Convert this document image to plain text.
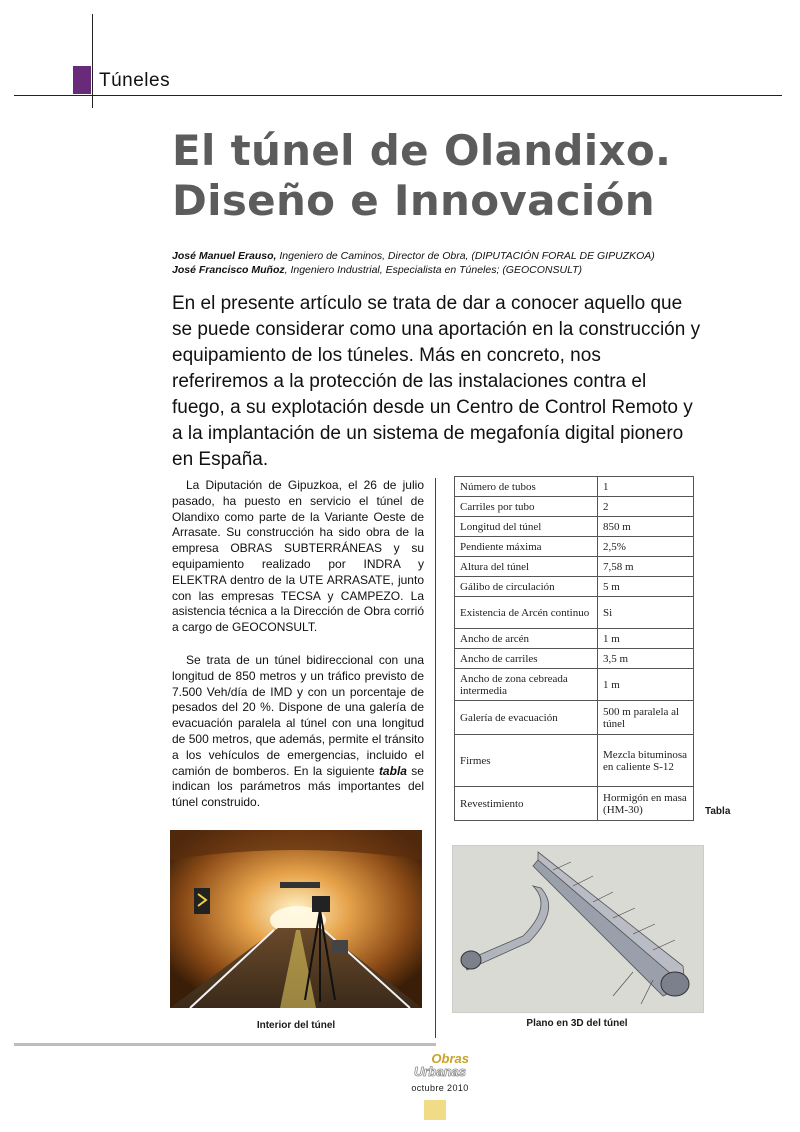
Túneles
El túnel de Olandixo.
Diseño e Innovación
José Manuel Erauso, Ingeniero de Caminos, Director de Obra, (DIPUTACIÓN FORAL DE GIPUZKOA)
José Francisco Muñoz, Ingeniero Industrial, Especialista en Túneles; (GEOCONSULT)
En el presente artículo se trata de dar a conocer aquello que se puede considerar como una aportación en la construcción y equipamiento de los túneles. Más en concreto, nos referiremos a la protección de las instalaciones contra el fuego, a su explotación desde un Centro de Control Remoto y a la implantación de un sistema de megafonía digital pionero en España.

La Diputación de Gipuzkoa, el 26 de julio pasado, ha puesto en servicio el túnel de Olandixo como parte de la Variante Oeste de Arrasate. Su construcción ha sido obra de la empresa OBRAS SUBTERRÁNEAS y su equipamiento realizado por INDRA y ELEKTRA dentro de la UTE ARRASATE, junto con las empresas TECSA y CAMPEZO. La asistencia técnica a la Dirección de Obra corrió a cargo de GEOCONSULT.

Se trata de un túnel bidireccional con una longitud de 850 metros y un tráfico previsto de 7.500 Veh/día de IMD y con un porcentaje de pesados del 20 %. Dispone de una galería de evacuación paralela al túnel con una longitud de 500 metros, que además, permite el tránsito a los vehículos de emergencias, incluido el camión de bomberos. En la siguiente tabla se indican los parámetros más importantes del túnel construido.

Número de tubos	1
Carriles por tubo	2
Longitud del túnel	850 m
Pendiente máxima	2,5%
Altura del túnel	7,58 m
Gálibo de circulación	5 m
Existencia de Arcén continuo	Si
Ancho de arcén	1 m
Ancho de carriles	3,5 m
Ancho de zona cebreada intermedia	1 m
Galería de evacuación	500 m paralela al túnel
Firmes	Mezcla bituminosa en caliente S-12
Revestimiento	Hormigón en masa (HM-30)	Tabla
Interior del túnel	Plano en 3D del túnel
Obras
Urbanas
octubre 2010
